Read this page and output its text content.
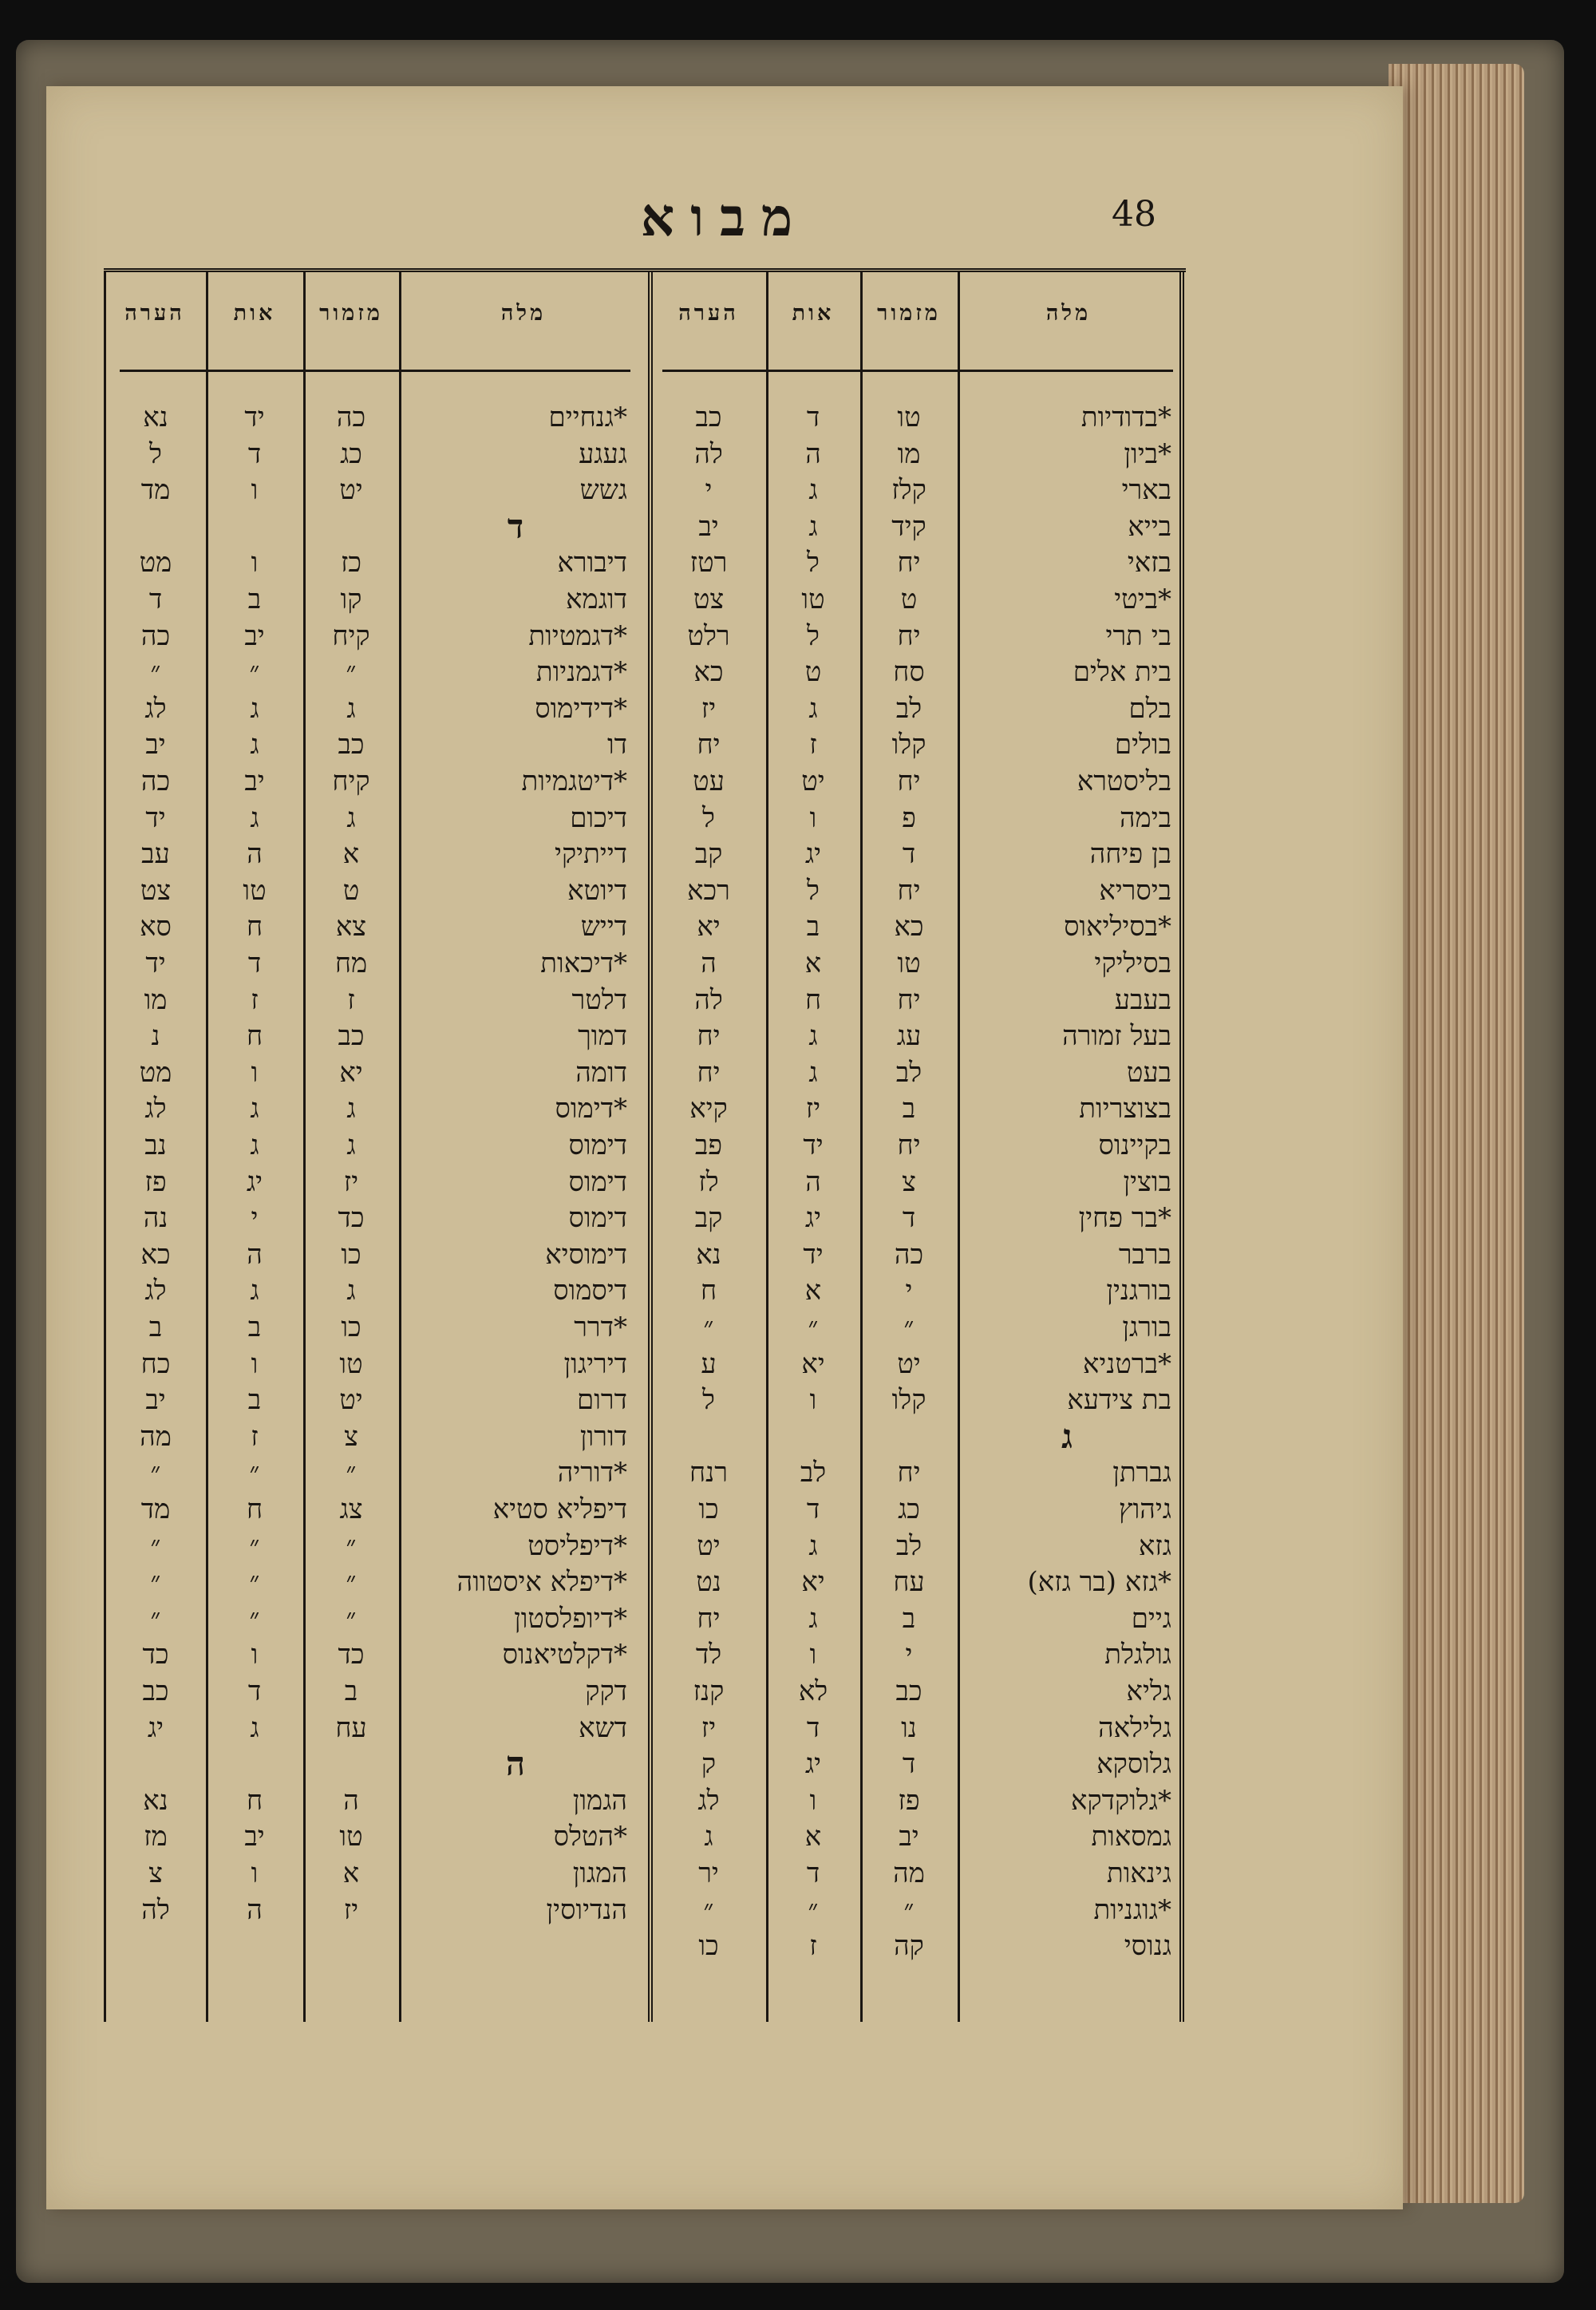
מבוא	48
הערה	אות	מזמור	מלה	הערה	אות	מזמור	מלה
נא	יד	כה	*גנחיים
ל	ד	כג	געגע
מד	ו	יט	גשש
ד
מט	ו	כז	דיבורא
ד	ב	קו	דוגמא
כה	יב	קיח	*דגמטיות
״	״	״	*דגמניות
לג	ג	ג	*דידימוס
יב	ג	כב	דו
כה	יב	קיח	*דיטגמיות
יד	ג	ג	דיכום
עב	ה	א	דייתיקי
צט	טו	ט	דיוטא
סא	ח	צא	דייש
יד	ד	מח	*דיכאות
מו	ז	ז	דלטר
נ	ח	כב	דמוך
מט	ו	יא	דומה
לג	ג	ג	*דימוס
נב	ג	ג	דימוס
פז	יג	יז	דימוס
נה	י	כד	דימוס
כא	ה	כו	דימוסיא
לג	ג	ג	דיסמוס
ב	ב	כו	*דרר
כח	ו	טו	דיריגון
יב	ב	יט	דרום
מה	ז	צ	דורון
״	״	״	*דוריה
מד	ח	צג	דיפליא סטיא
״	״	״	*דיפליסט
״	״	״	*דיפלא איסטווה
״	״	״	*דיופלסטון
כד	ו	כד	*דקלטיאנוס
כב	ד	ב	דקק
יג	ג	עח	דשא
ה
נא	ח	ה	הגמון
מז	יב	טו	*הטלס
צ	ו	א	המגון
לה	ה	יז	הנדיוסין
כב	ד	טו	*בדודיות
לה	ה	מו	*ביון
י	ג	קלז	בארי
יב	ג	קיד	בייא
רטז	ל	יח	בזאי
צט	טו	ט	*ביטי
רלט	ל	יח	בי תרי
כא	ט	סח	בית אלים
יז	ג	לב	בלם
יח	ז	קלו	בולים
עט	יט	יח	בליסטרא
ל	ו	פ	בימה
קב	יג	ד	בן פיחה
רכא	ל	יח	ביסריא
יא	ב	כא	*בסיליאוס
ה	א	טו	בסיליקי
לה	ח	יח	בעבע
יח	ג	עג	בעל זמורה
יח	ג	לב	בעט
קיא	יז	ב	בצוצריות
פב	יד	יח	בקיינוס
לז	ה	צ	בוצין
קב	יג	ד	*בר פחין
נא	יד	כה	ברבר
ח	א	י	בורגנין
״	״	״	בורגן
ע	יא	יט	*ברטניא
ל	ו	קלו	בת צידעא
ג
רנח	לב	יח	גברתן
כו	ד	כג	גיהוץ
יט	ג	לב	גזא
נט	יא	עח	*גזא (בר גזא)
יח	ג	ב	גיים
לד	ו	י	גולגלת
קנז	לא	כב	גליא
יז	ד	נו	גלילאה
ק	יג	ד	גלוסקא
לג	ו	פז	*גלוקדקא
ג	א	יב	גמסאות
יר	ד	מה	גינאות
״	״	״	*גוגניות
כו	ז	קה	גנוסי
